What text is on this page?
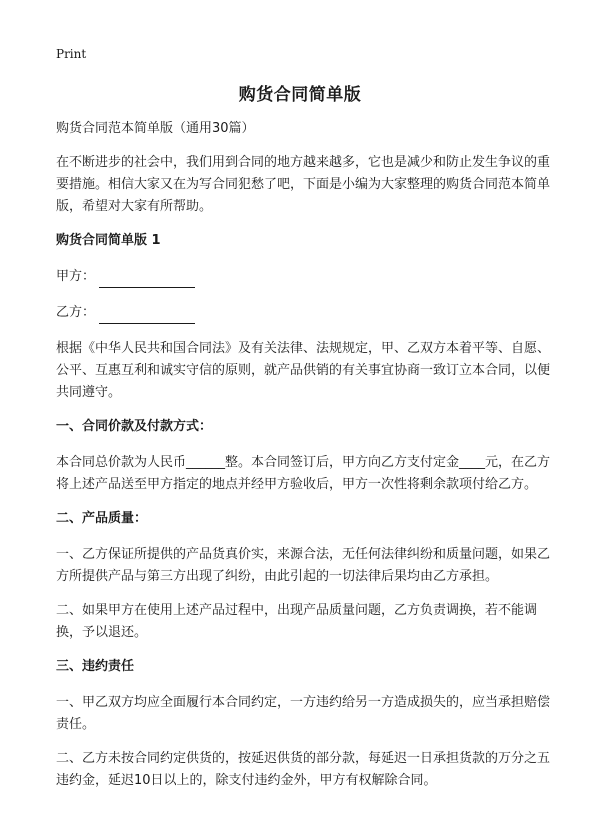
Print
购货合同简单版

购货合同范本简单版（通用30篇）

在不断进步的社会中，我们用到合同的地方越来越多，它也是减少和防止发生争议的重要措施。相信大家又在为写合同犯愁了吧，下面是小编为大家整理的购货合同范本简单版，希望对大家有所帮助。

购货合同简单版 1

甲方：
乙方：

根据《中华人民共和国合同法》及有关法律、法规规定，甲、乙双方本着平等、自愿、公平、互惠互利和诚实守信的原则，就产品供销的有关事宜协商一致订立本合同，以便共同遵守。

一、合同价款及付款方式：

本合同总价款为人民币______整。本合同签订后，甲方向乙方支付定金____元，在乙方将上述产品送至甲方指定的地点并经甲方验收后，甲方一次性将剩余款项付给乙方。

二、产品质量：

一、乙方保证所提供的产品货真价实，来源合法，无任何法律纠纷和质量问题，如果乙方所提供产品与第三方出现了纠纷，由此引起的一切法律后果均由乙方承担。

二、如果甲方在使用上述产品过程中，出现产品质量问题，乙方负责调换，若不能调换，予以退还。

三、违约责任

一、甲乙双方均应全面履行本合同约定，一方违约给另一方造成损失的，应当承担赔偿责任。

二、乙方未按合同约定供货的，按延迟供货的部分款，每延迟一日承担货款的万分之五违约金，延迟10日以上的，除支付违约金外，甲方有权解除合同。
